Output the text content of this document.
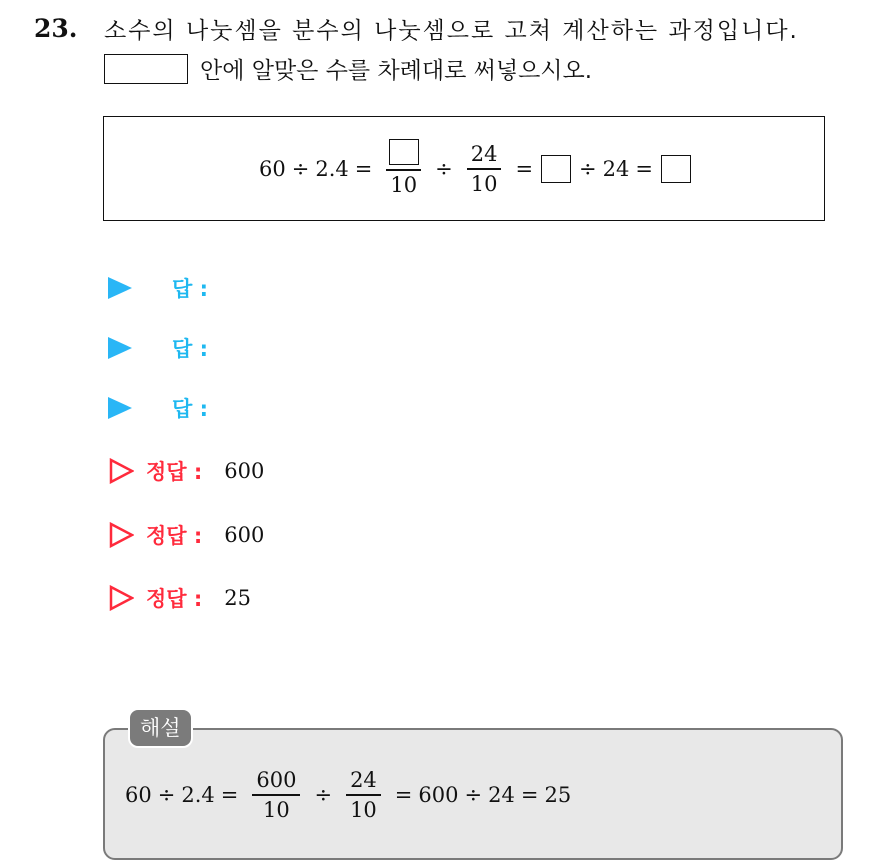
23. 소수의 나눗셈을 분수의 나눗셈으로 고쳐 계산하는 과정입니다.
안에 알맞은 수를 차례대로 써넣으시오.
60 ÷ 2.4 =
10
÷ $\frac{24}{10}$ = ÷ 24 =
답 :
답 :
답 :
정답 : 600
정답 : 600
정답 : 25
$60 \div 2.4 = \frac{600}{10} \div \frac{24}{10} = 600 \div 24 = 25$
해설
